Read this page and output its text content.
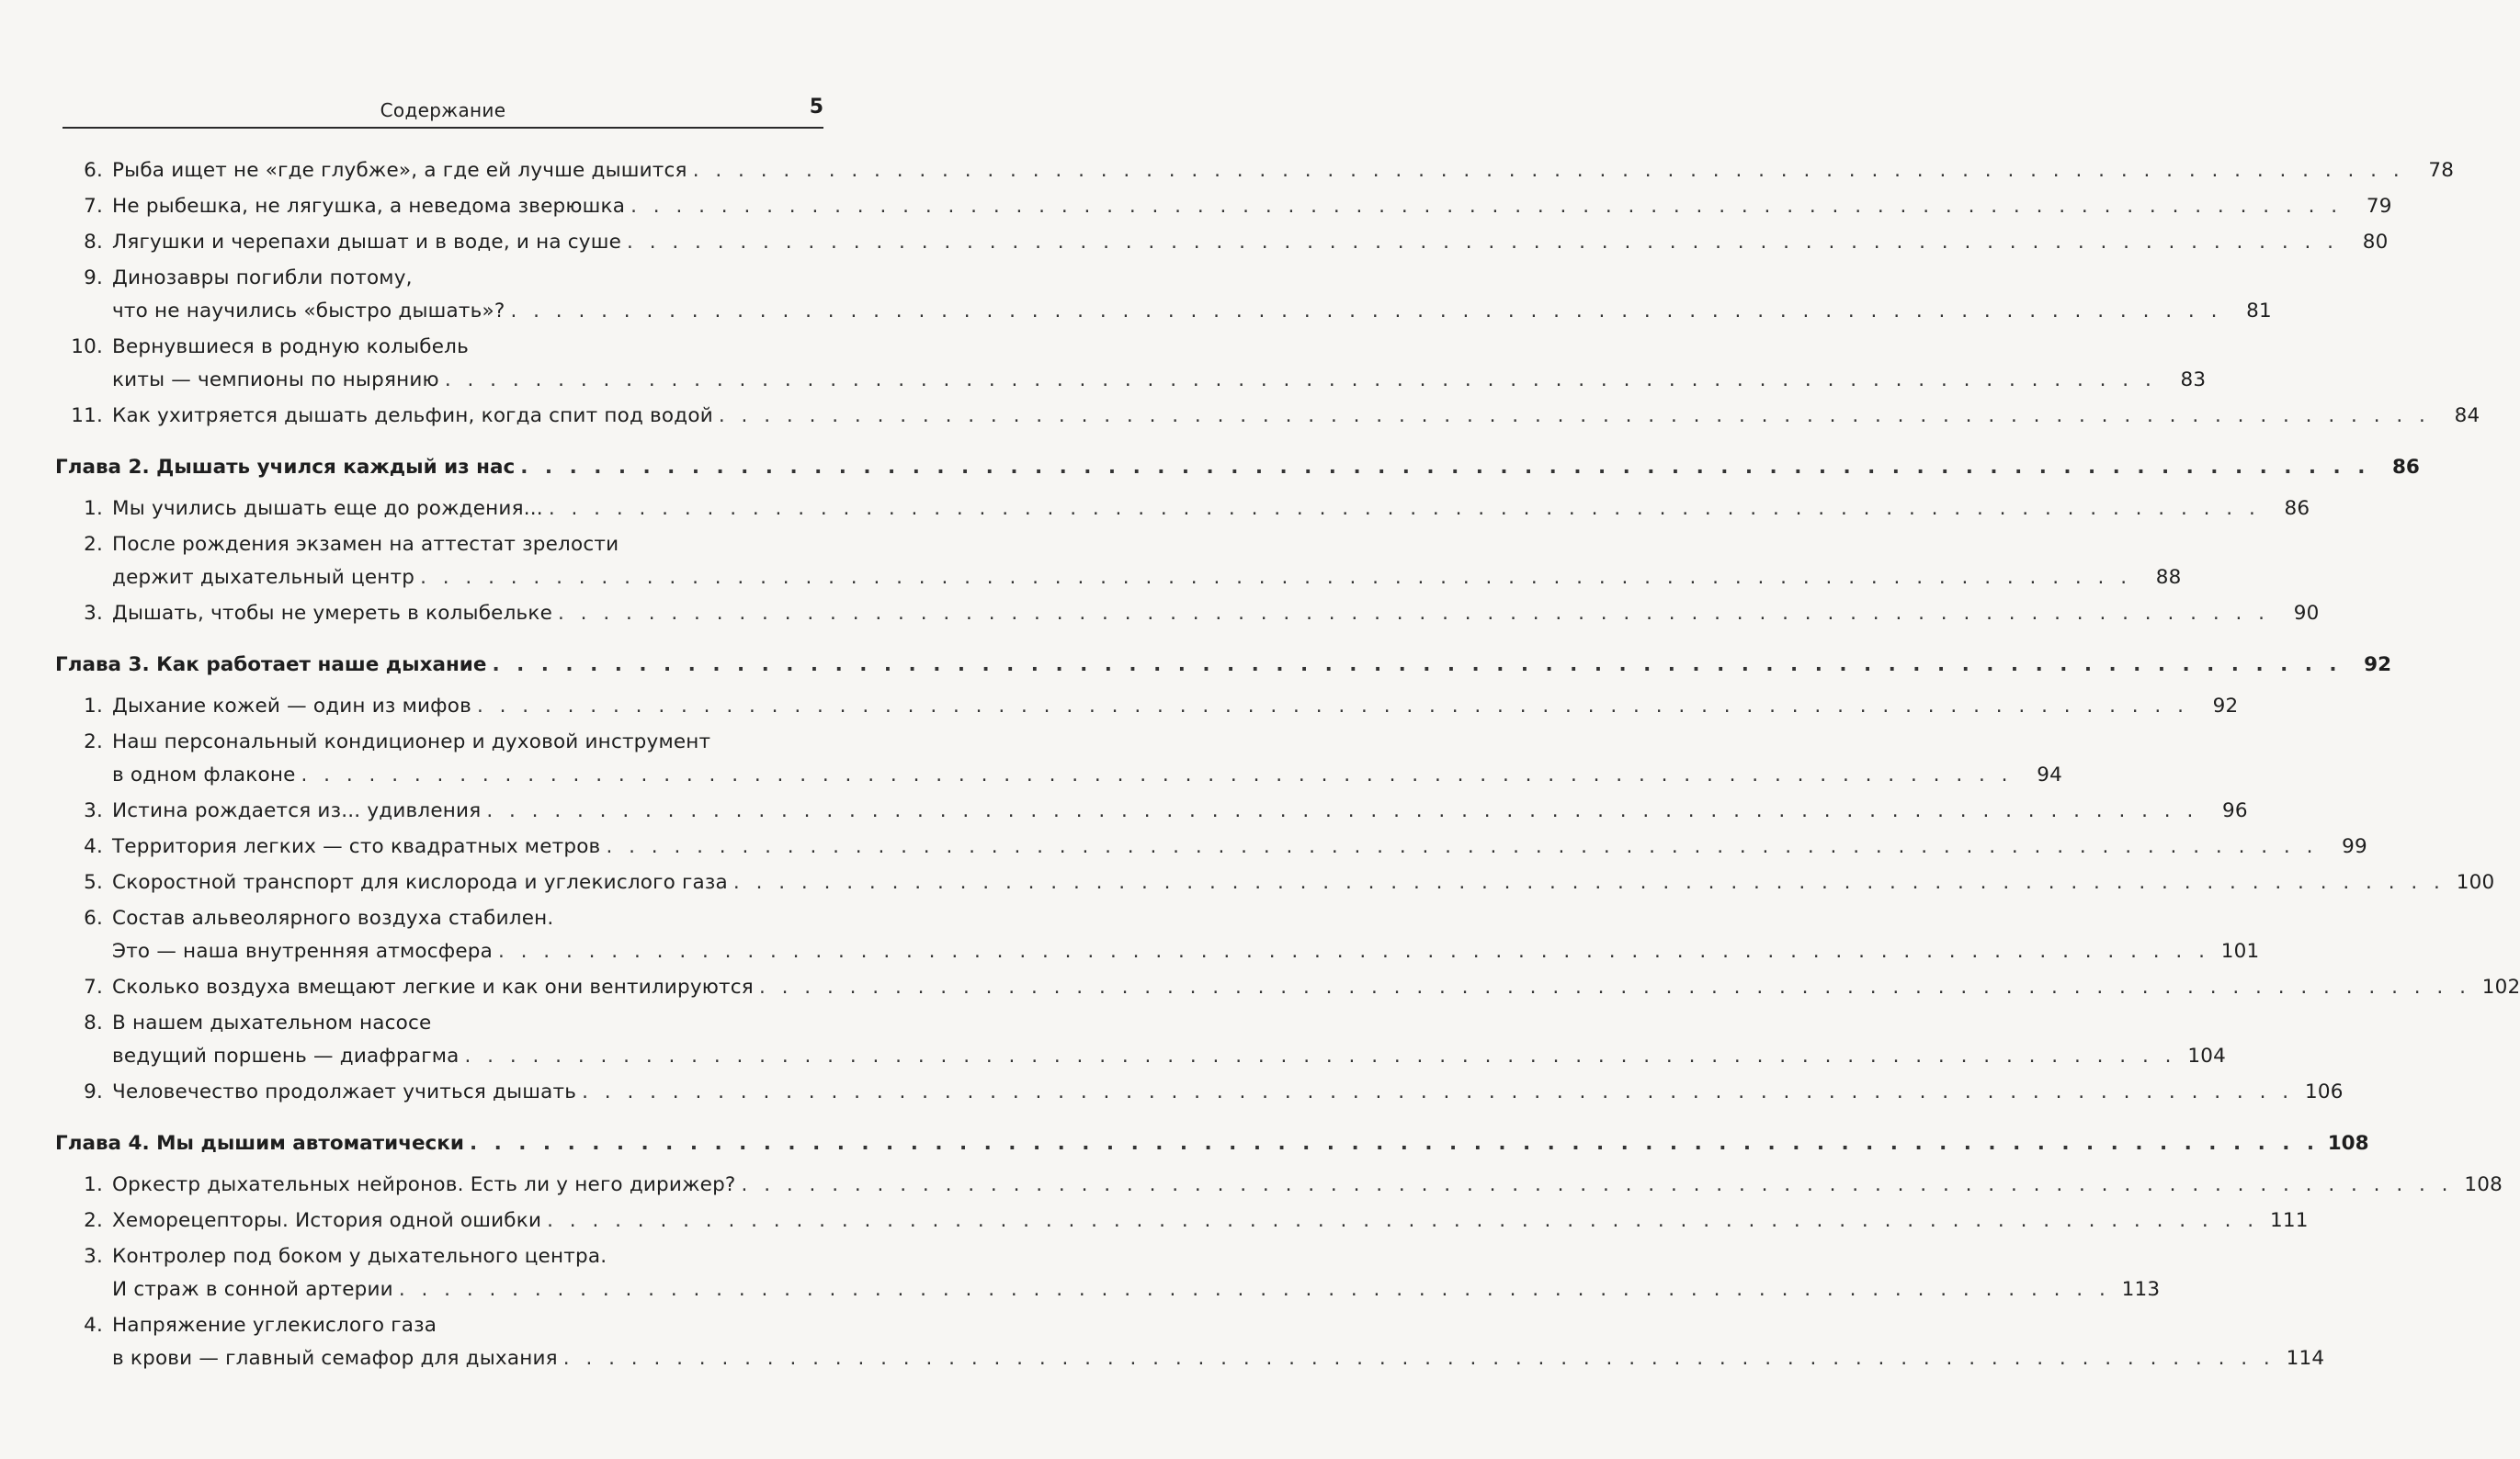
Содержание	5
6. Рыба ищет не «где глубже», а где ей лучше дышится . . . . . . . . . . . . . . . . . . . . . . . . . . . . . . . . . . . . . . . . . . . . . . . . . . . . . . . . . . . . . . . . . . . . . . . . . . . .	78
7. Не рыбешка, не лягушка, а неведома зверюшка . . . . . . . . . . . . . . . . . . . . . . . . . . . . . . . . . . . . . . . . . . . . . . . . . . . . . . . . . . . . . . . . . . . . . . . . . . . .	79
8. Лягушки и черепахи дышат и в воде, и на суше . . . . . . . . . . . . . . . . . . . . . . . . . . . . . . . . . . . . . . . . . . . . . . . . . . . . . . . . . . . . . . . . . . . . . . . . . . . .	80
9. Динозавры погибли потому,
что не научились «быстро дышать»? . . . . . . . . . . . . . . . . . . . . . . . . . . . . . . . . . . . . . . . . . . . . . . . . . . . . . . . . . . . . . . . . . . . . . . . . . . . .	81
10. Вернувшиеся в родную колыбель
киты — чемпионы по нырянию . . . . . . . . . . . . . . . . . . . . . . . . . . . . . . . . . . . . . . . . . . . . . . . . . . . . . . . . . . . . . . . . . . . . . . . . . . . .	83
11. Как ухитряется дышать дельфин, когда спит под водой . . . . . . . . . . . . . . . . . . . . . . . . . . . . . . . . . . . . . . . . . . . . . . . . . . . . . . . . . . . . . . . . . . . . . . . . . . . .	84
Глава 2. Дышать учился каждый из нас . . . . . . . . . . . . . . . . . . . . . . . . . . . . . . . . . . . . . . . . . . . . . . . . . . . . . . . . . . . . . . . . . . . . . . . . . . . .	86
1. Мы учились дышать еще до рождения... . . . . . . . . . . . . . . . . . . . . . . . . . . . . . . . . . . . . . . . . . . . . . . . . . . . . . . . . . . . . . . . . . . . . . . . . . . . .	86
2. После рождения экзамен на аттестат зрелости
держит дыхательный центр . . . . . . . . . . . . . . . . . . . . . . . . . . . . . . . . . . . . . . . . . . . . . . . . . . . . . . . . . . . . . . . . . . . . . . . . . . . .	88
3. Дышать, чтобы не умереть в колыбельке . . . . . . . . . . . . . . . . . . . . . . . . . . . . . . . . . . . . . . . . . . . . . . . . . . . . . . . . . . . . . . . . . . . . . . . . . . . .	90
Глава 3. Как работает наше дыхание . . . . . . . . . . . . . . . . . . . . . . . . . . . . . . . . . . . . . . . . . . . . . . . . . . . . . . . . . . . . . . . . . . . . . . . . . . . .	92
1. Дыхание кожей — один из мифов . . . . . . . . . . . . . . . . . . . . . . . . . . . . . . . . . . . . . . . . . . . . . . . . . . . . . . . . . . . . . . . . . . . . . . . . . . . .	92
2. Наш персональный кондиционер и духовой инструмент
в одном флаконе . . . . . . . . . . . . . . . . . . . . . . . . . . . . . . . . . . . . . . . . . . . . . . . . . . . . . . . . . . . . . . . . . . . . . . . . . . . .	94
3. Истина рождается из... удивления . . . . . . . . . . . . . . . . . . . . . . . . . . . . . . . . . . . . . . . . . . . . . . . . . . . . . . . . . . . . . . . . . . . . . . . . . . . .	96
4. Территория легких — сто квадратных метров . . . . . . . . . . . . . . . . . . . . . . . . . . . . . . . . . . . . . . . . . . . . . . . . . . . . . . . . . . . . . . . . . . . . . . . . . . . .	99
5. Скоростной транспорт для кислорода и углекислого газа . . . . . . . . . . . . . . . . . . . . . . . . . . . . . . . . . . . . . . . . . . . . . . . . . . . . . . . . . . . . . . . . . . . . . . . . . . . . 100
6. Состав альвеолярного воздуха стабилен.
Это — наша внутренняя атмосфера . . . . . . . . . . . . . . . . . . . . . . . . . . . . . . . . . . . . . . . . . . . . . . . . . . . . . . . . . . . . . . . . . . . . . . . . . . . . 101
7. Сколько воздуха вмещают легкие и как они вентилируются . . . . . . . . . . . . . . . . . . . . . . . . . . . . . . . . . . . . . . . . . . . . . . . . . . . . . . . . . . . . . . . . . . . . . . . . . . . . 102
8. В нашем дыхательном насосе
ведущий поршень — диафрагма . . . . . . . . . . . . . . . . . . . . . . . . . . . . . . . . . . . . . . . . . . . . . . . . . . . . . . . . . . . . . . . . . . . . . . . . . . . . 104
9. Человечество продолжает учиться дышать . . . . . . . . . . . . . . . . . . . . . . . . . . . . . . . . . . . . . . . . . . . . . . . . . . . . . . . . . . . . . . . . . . . . . . . . . . . . 106
Глава 4. Мы дышим автоматически . . . . . . . . . . . . . . . . . . . . . . . . . . . . . . . . . . . . . . . . . . . . . . . . . . . . . . . . . . . . . . . . . . . . . . . . . . . . 108
1. Оркестр дыхательных нейронов. Есть ли у него дирижер? . . . . . . . . . . . . . . . . . . . . . . . . . . . . . . . . . . . . . . . . . . . . . . . . . . . . . . . . . . . . . . . . . . . . . . . . . . . . 108
2. Хеморецепторы. История одной ошибки . . . . . . . . . . . . . . . . . . . . . . . . . . . . . . . . . . . . . . . . . . . . . . . . . . . . . . . . . . . . . . . . . . . . . . . . . . . . 111
3. Контролер под боком у дыхательного центра.
И страж в сонной артерии . . . . . . . . . . . . . . . . . . . . . . . . . . . . . . . . . . . . . . . . . . . . . . . . . . . . . . . . . . . . . . . . . . . . . . . . . . . . 113
4. Напряжение углекислого газа
в крови — главный семафор для дыхания . . . . . . . . . . . . . . . . . . . . . . . . . . . . . . . . . . . . . . . . . . . . . . . . . . . . . . . . . . . . . . . . . . . . . . . . . . . . 114
